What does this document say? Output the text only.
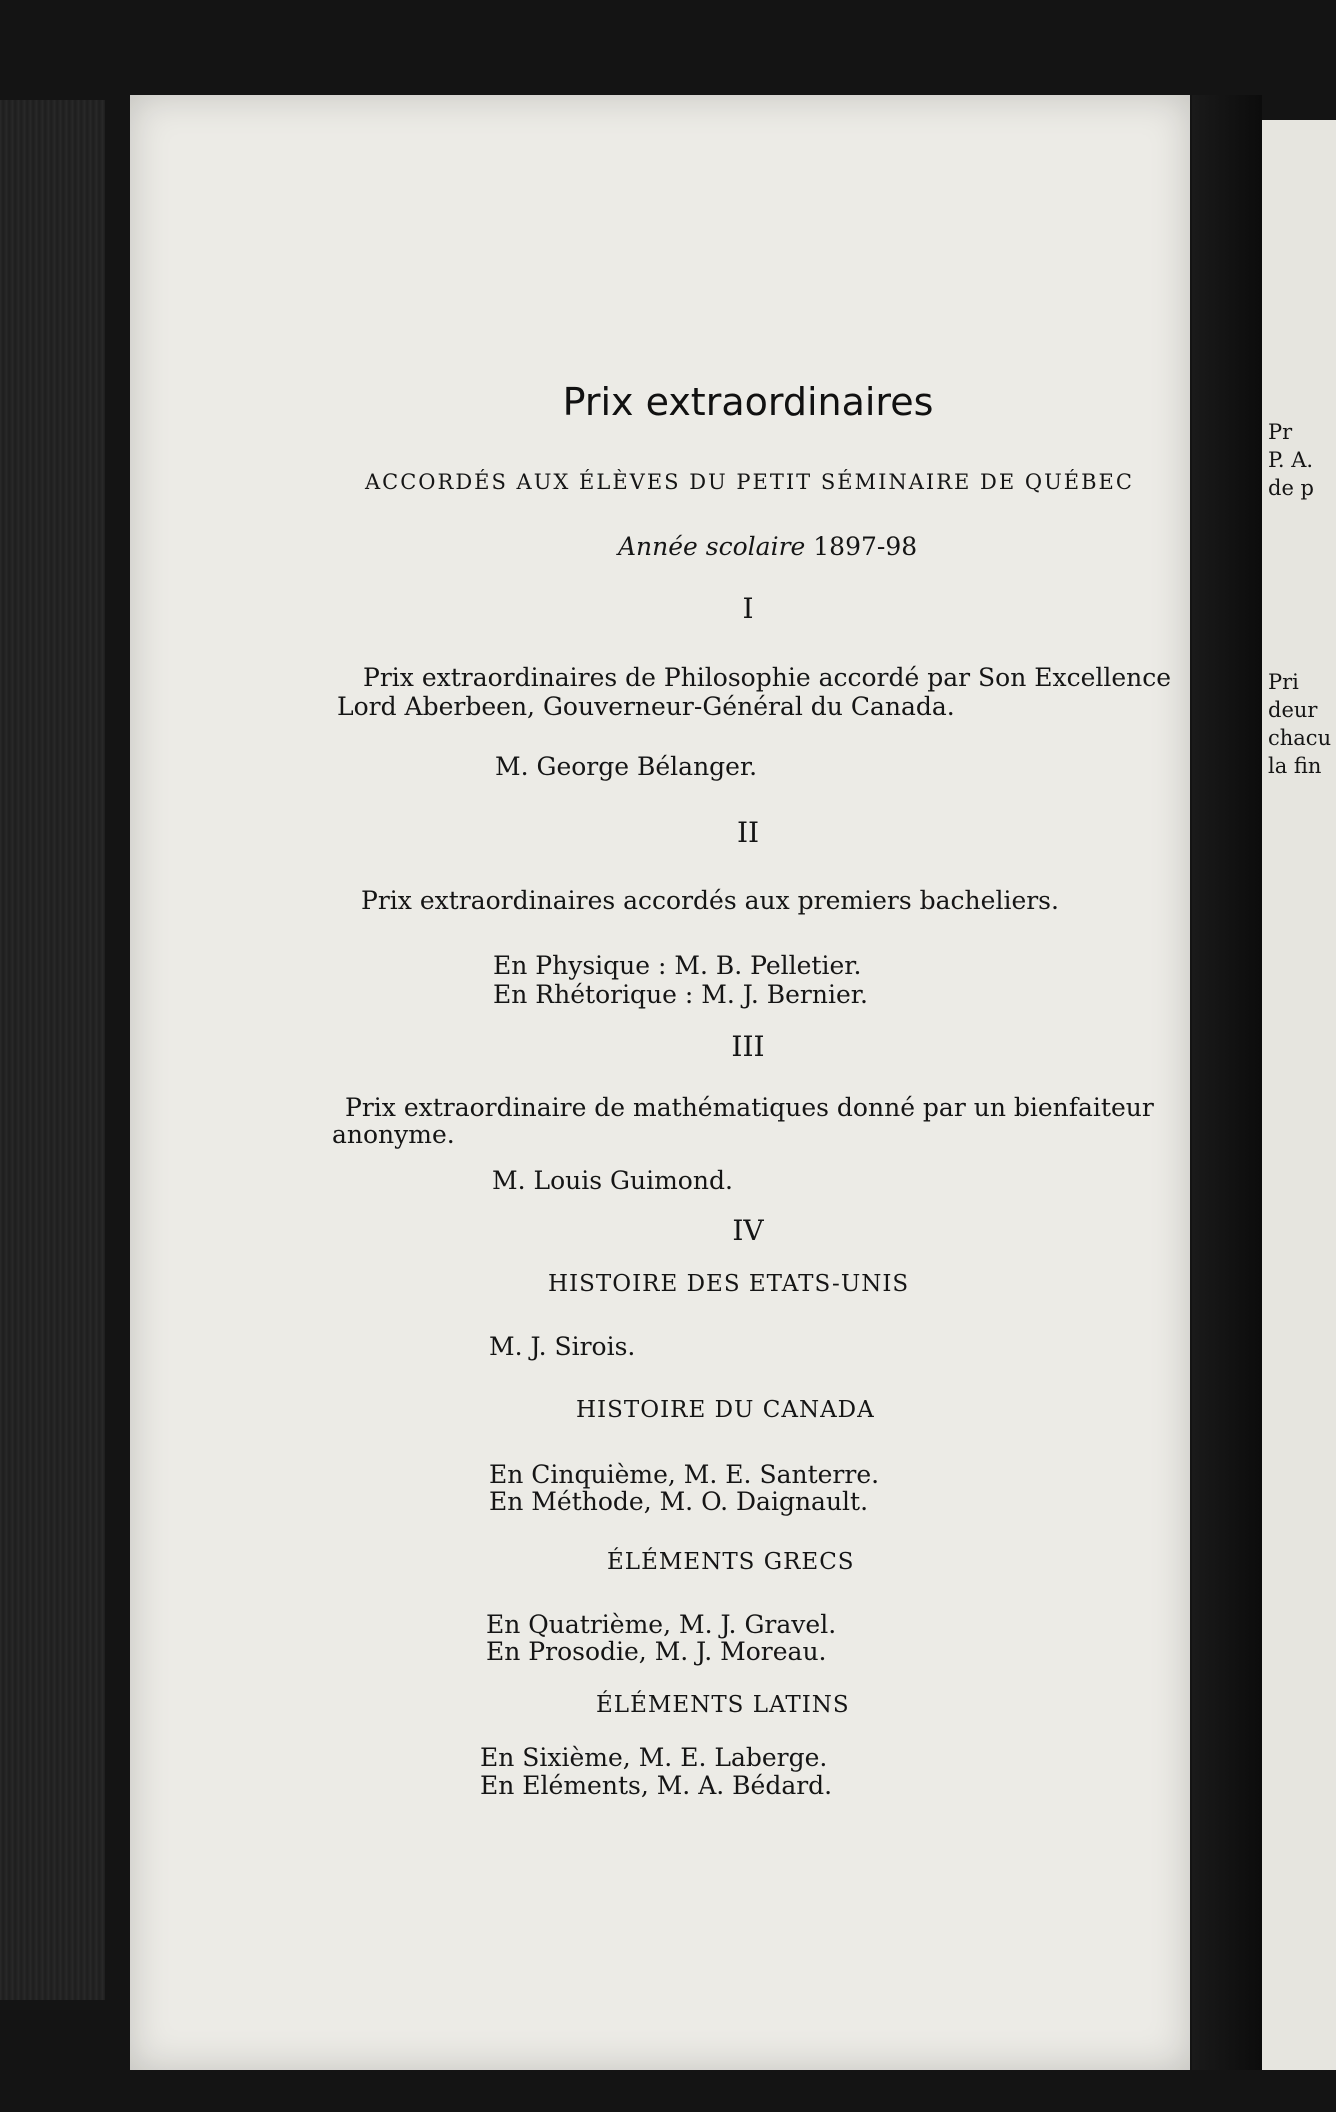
Pr
P. A.
de p
Pri
deur
chacu
la fin
Prix extraordinaires
ACCORDÉS AUX ÉLÈVES DU PETIT SÉMINAIRE DE QUÉBEC
Année scolaire 1897-98
I
Prix extraordinaires de Philosophie accordé par Son Excellence
Lord Aberbeen, Gouverneur-Général du Canada.
M. George Bélanger.
II
Prix extraordinaires accordés aux premiers bacheliers.
En Physique : M. B. Pelletier.
En Rhétorique : M. J. Bernier.
III
Prix extraordinaire de mathématiques donné par un bienfaiteur
anonyme.
M. Louis Guimond.
IV
HISTOIRE DES ETATS-UNIS
M. J. Sirois.
HISTOIRE DU CANADA
En Cinquième, M. E. Santerre.
En Méthode, M. O. Daignault.
ÉLÉMENTS GRECS
En Quatrième, M. J. Gravel.
En Prosodie, M. J. Moreau.
ÉLÉMENTS LATINS
En Sixième, M. E. Laberge.
En Eléments, M. A. Bédard.
